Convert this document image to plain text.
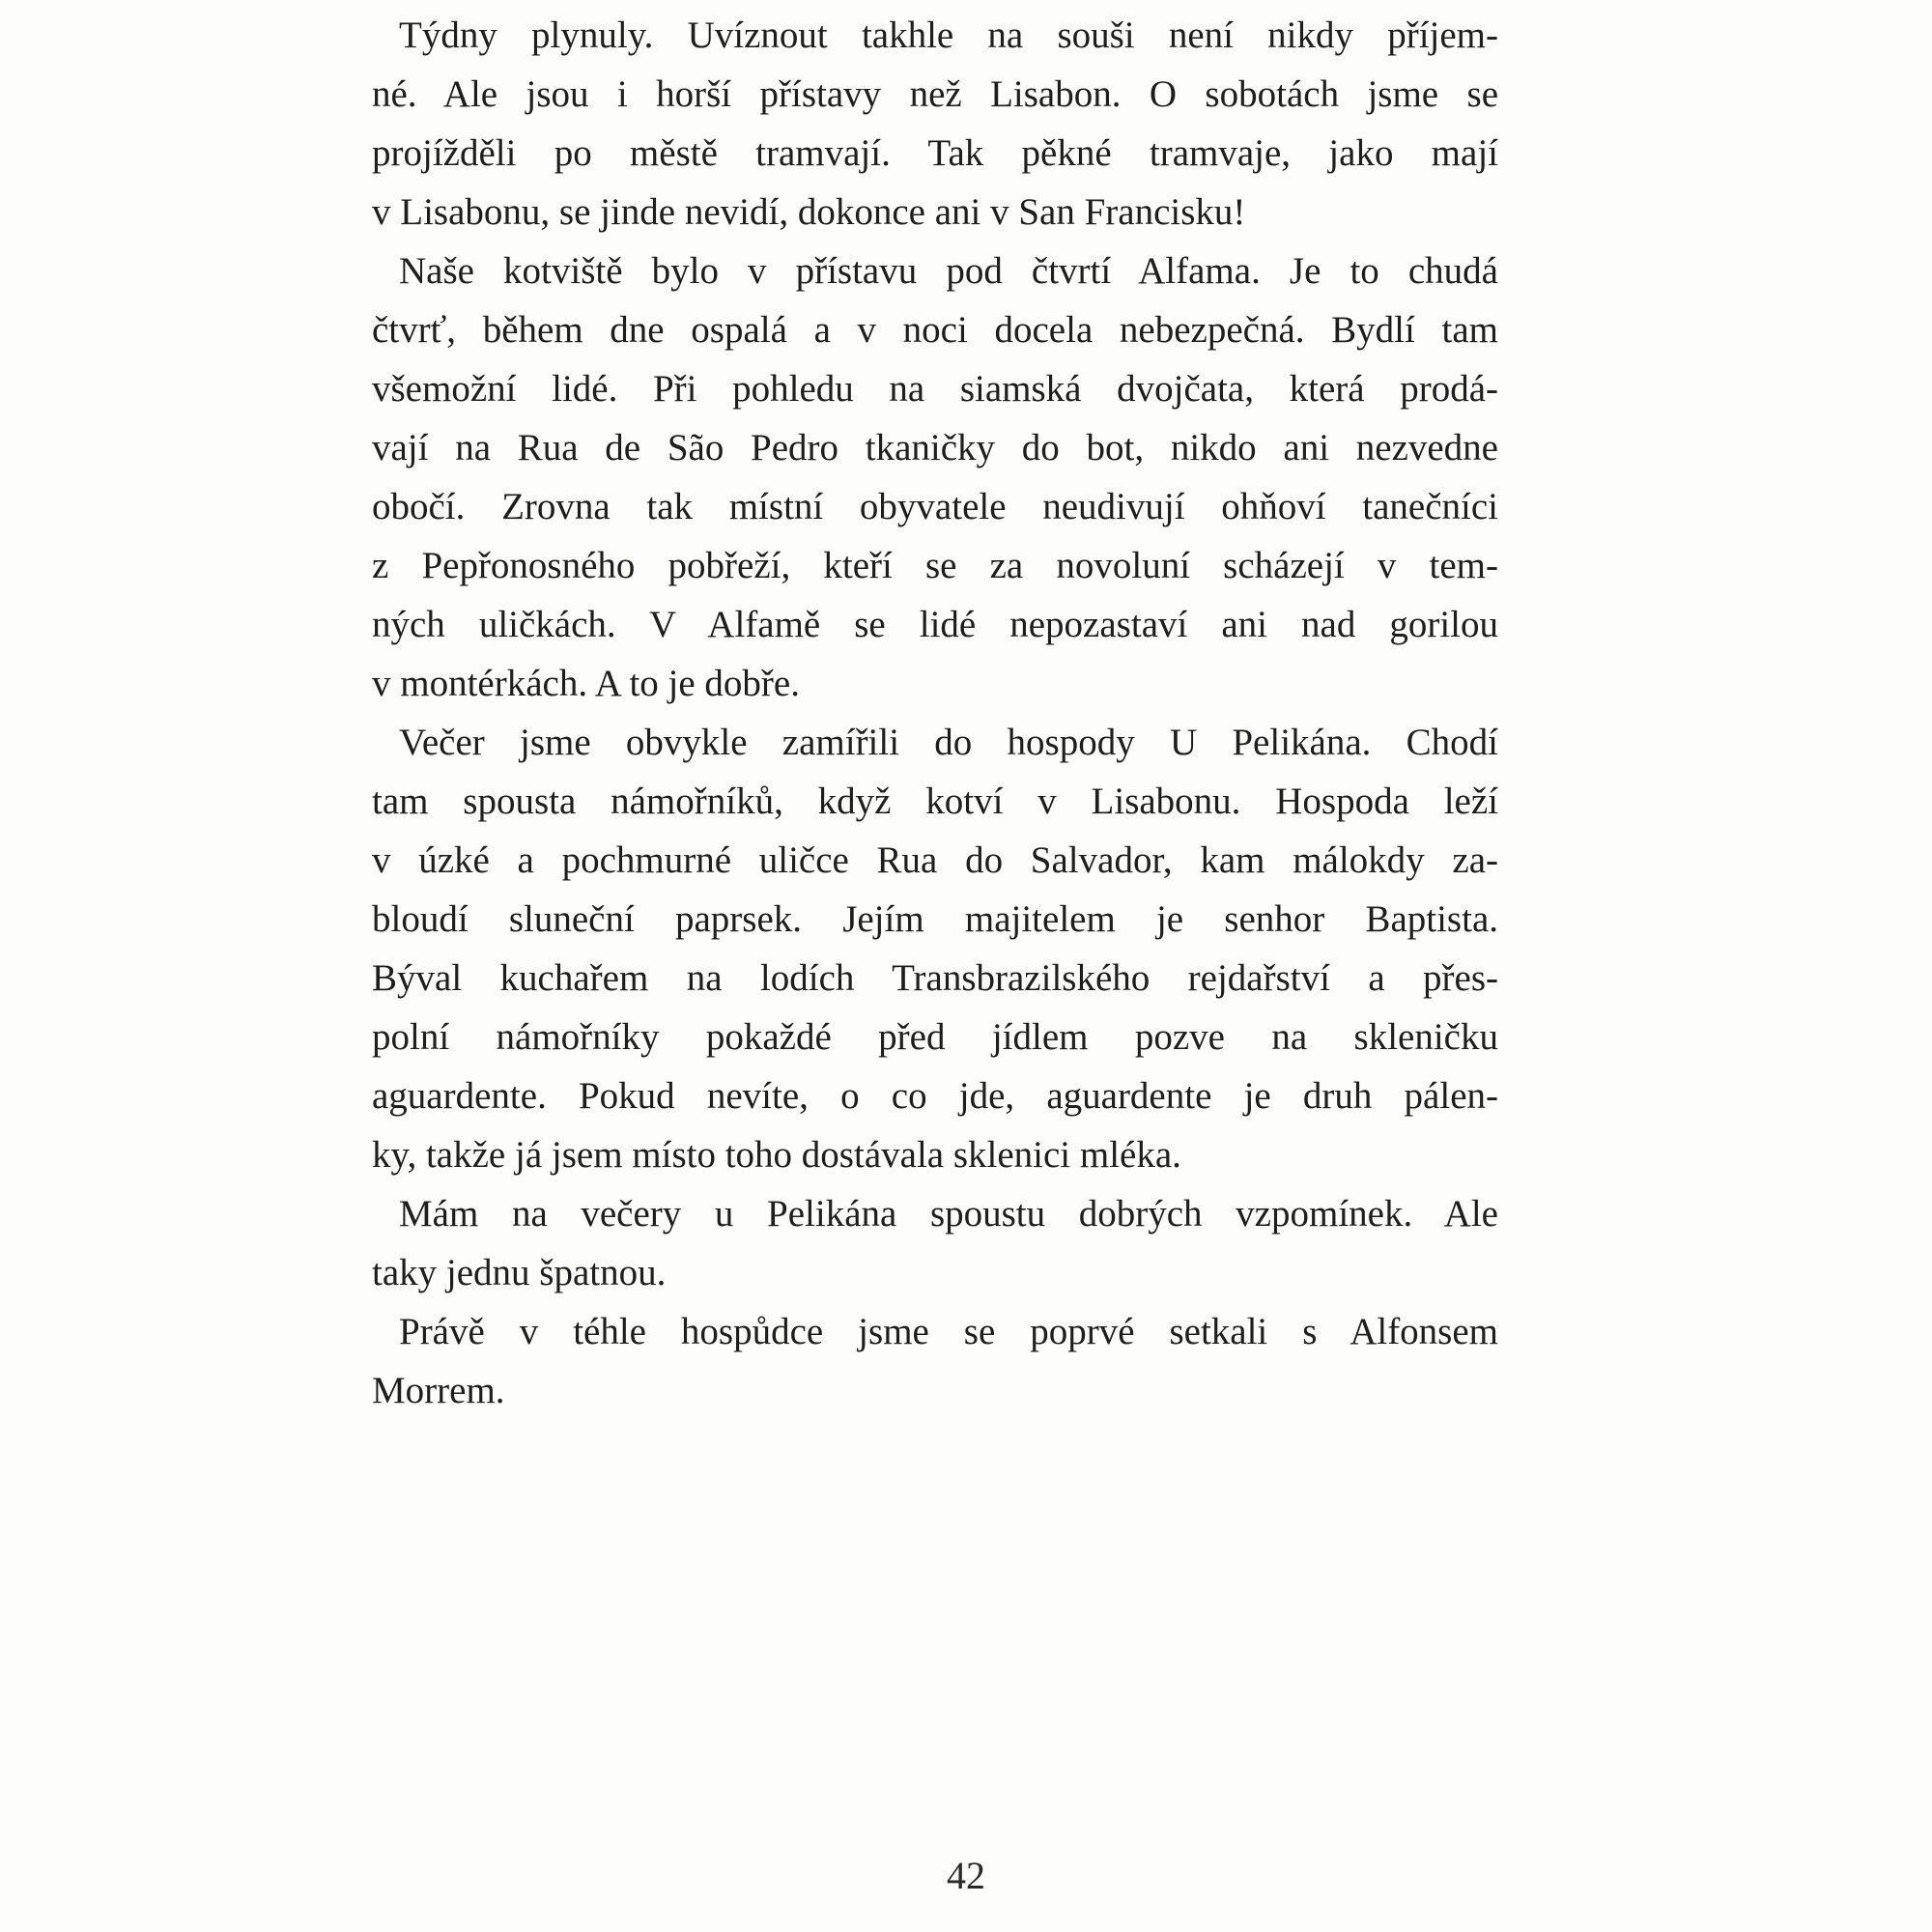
Týdny plynuly. Uvíznout takhle na souši není nikdy příjem-
né. Ale jsou i horší přístavy než Lisabon. O sobotách jsme se
projížděli po městě tramvají. Tak pěkné tramvaje, jako mají
v Lisabonu, se jinde nevidí, dokonce ani v San Francisku!

Naše kotviště bylo v přístavu pod čtvrtí Alfama. Je to chudá
čtvrť, během dne ospalá a v noci docela nebezpečná. Bydlí tam
všemožní lidé. Při pohledu na siamská dvojčata, která prodá-
vají na Rua de São Pedro tkaničky do bot, nikdo ani nezvedne
obočí. Zrovna tak místní obyvatele neudivují ohňoví tanečníci
z Pepřonosného pobřeží, kteří se za novoluní scházejí v tem-
ných uličkách. V Alfamě se lidé nepozastaví ani nad gorilou
v montérkách. A to je dobře.

Večer jsme obvykle zamířili do hospody U Pelikána. Chodí
tam spousta námořníků, když kotví v Lisabonu. Hospoda leží
v úzké a pochmurné uličce Rua do Salvador, kam málokdy za-
bloudí sluneční paprsek. Jejím majitelem je senhor Baptista.
Býval kuchařem na lodích Transbrazilského rejdařství a přes-
polní námořníky pokaždé před jídlem pozve na skleničku
aguardente. Pokud nevíte, o co jde, aguardente je druh pálen-
ky, takže já jsem místo toho dostávala sklenici mléka.

Mám na večery u Pelikána spoustu dobrých vzpomínek. Ale
taky jednu špatnou.

Právě v téhle hospůdce jsme se poprvé setkali s Alfonsem
Morrem.

42
